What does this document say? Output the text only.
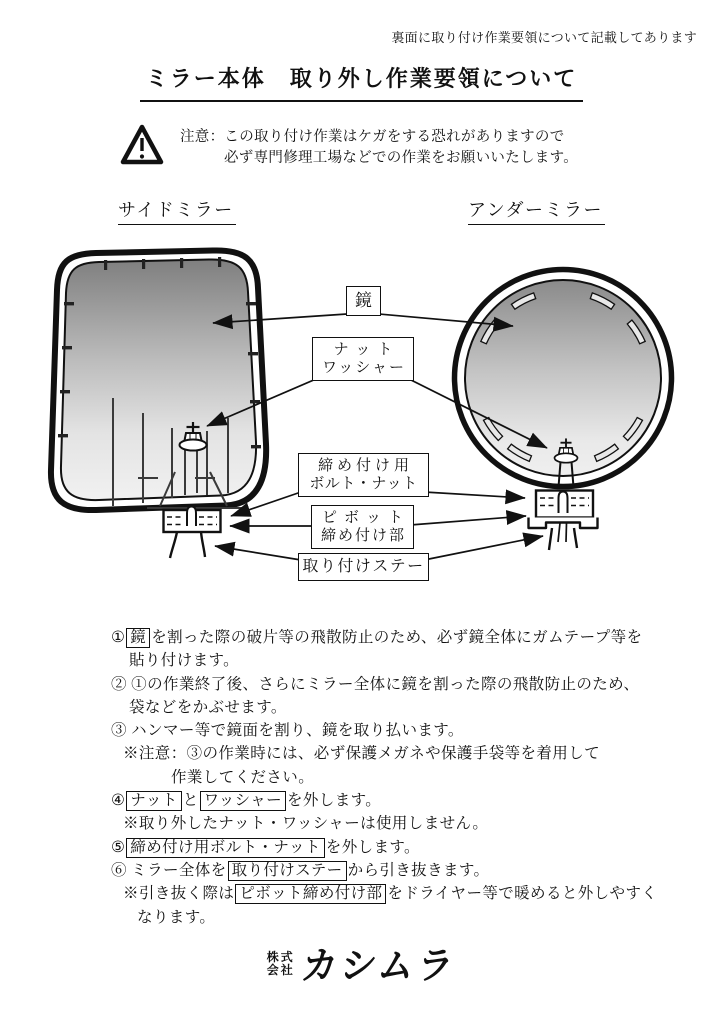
裏面に取り付け作業要領について記載してあります
ミラー本体　取り外し作業要領について
注意：この取り付け作業はケガをする恐れがありますので
必ず専門修理工場などでの作業をお願いいたします。
サイドミラー	アンダーミラー
鏡
ナット
ワッシャー
締め付け用
ボルト・ナット
ピボット
締め付け部
取り付けステー
① 鏡 を割った際の破片等の飛散防止のため、必ず鏡全体にガムテープ等を
貼り付けます。
② ①の作業終了後、さらにミラー全体に鏡を割った際の飛散防止のため、
袋などをかぶせます。
③ ハンマー等で鏡面を割り、鏡を取り払います。
※注意：③の作業時には、必ず保護メガネや保護手袋等を着用して
作業してください。
④ ナット と ワッシャー を外します。
※取り外したナット・ワッシャーは使用しません。
⑤ 締め付け用ボルト・ナット を外します。
⑥ ミラー全体を 取り付けステー から引き抜きます。
※引き抜く際は ピボット締め付け部 をドライヤー等で暖めると外しやすく
なります。
株式
会社 カシムラ
